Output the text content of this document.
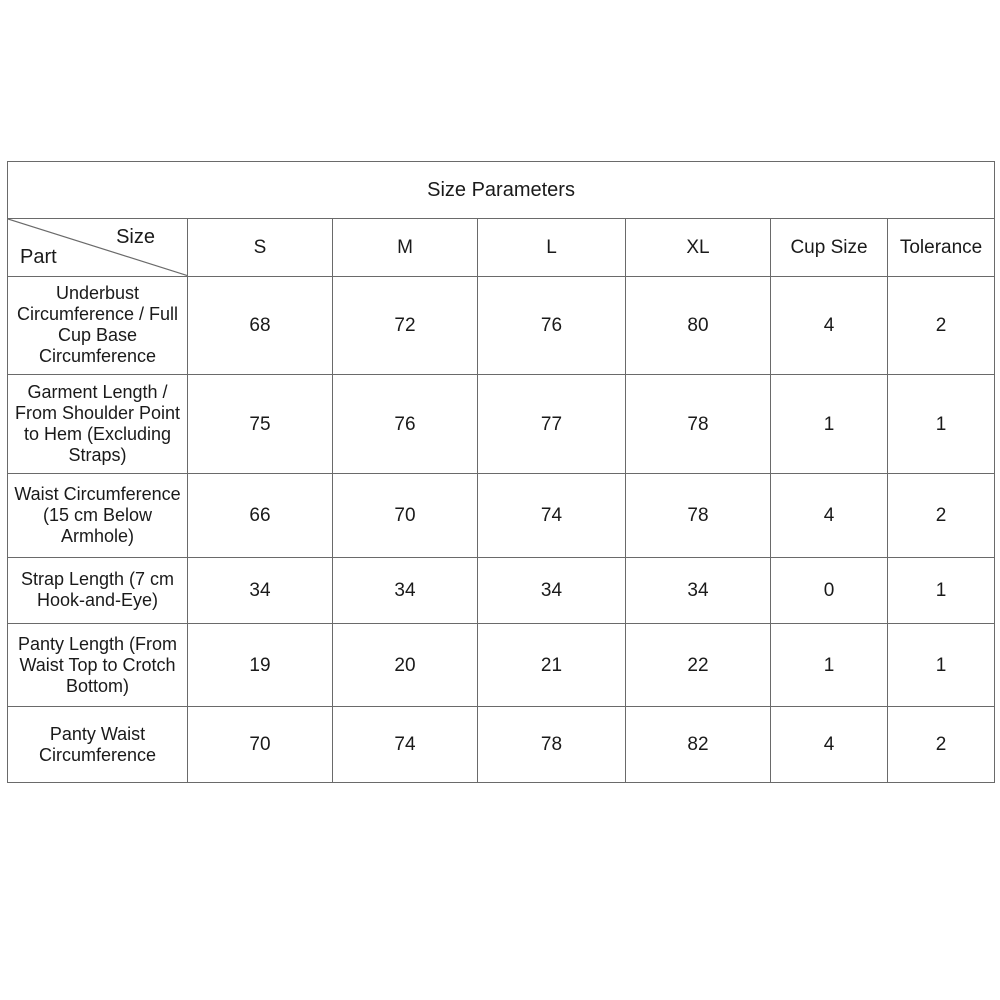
Size Parameters						

Size
Part	S	M	L	XL	Cup Size	Tolerance
Underbust Circumference / Full Cup Base Circumference	68	72	76	80	4	2
Garment Length / From Shoulder Point to Hem (Excluding Straps)	75	76	77	78	1	1
Waist Circumference (15 cm Below Armhole)	66	70	74	78	4	2
Strap Length (7 cm Hook-and-Eye)	34	34	34	34	0	1
Panty Length (From Waist Top to Crotch Bottom)	19	20	21	22	1	1
Panty Waist Circumference	70	74	78	82	4	2
